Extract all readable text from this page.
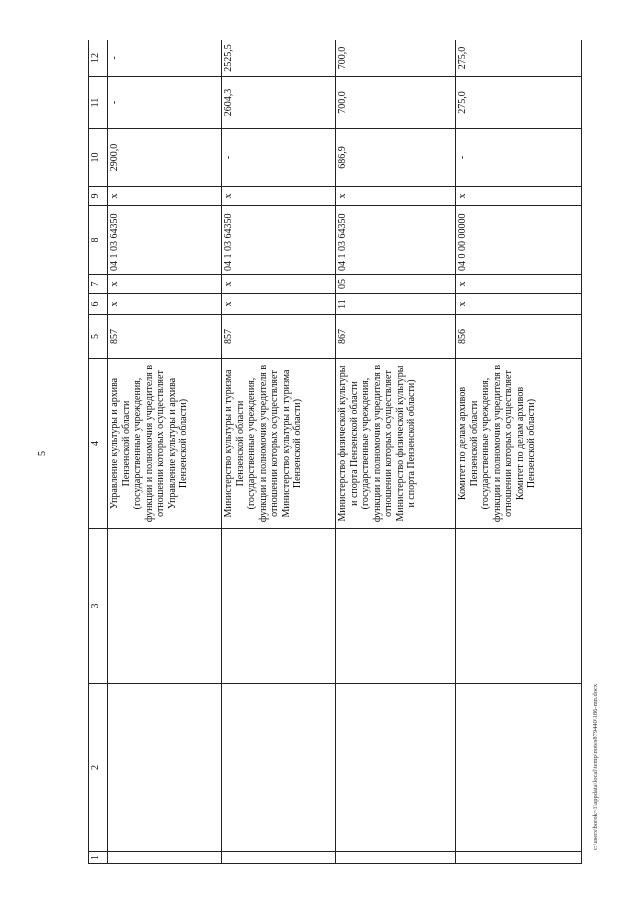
5
1	2	3	4	5	6	7	8	9	10	11	12
			Управление культуры и архива Пензенской области (государственные учреждения, функции и полномочия учредителя в отношении которых осуществляет Управление культуры и архива Пензенской области)	857	х	х	04 1 03 64350	х	2900,0	-	-
			Министерство культуры и туризма Пензенской области (государственные учреждения, функции и полномочия учредителя в отношении которых осуществляет Министерство культуры и туризма Пензенской области)	857	х	х	04 1 03 64350	х	-	2604,3	2525,5
			Министерство физической культуры и спорта Пензенской области (государственные учреждения, функции и полномочия учредителя в отношении которых осуществляет Министерство физической культуры и спорта Пензенской области)	867	11	05	04 1 03 64350	х	686,9	700,0	700,0
			Комитет по делам архивов Пензенской области (государственные учреждения, функции и полномочия учредителя в отношении которых осуществляет Комитет по делам архивов Пензенской области)	856	х	х	04 0 00 00000	х	-	275,0	275,0
c:\users\borok~1\appdata\local\temp\notes879440\186-mn.docx
